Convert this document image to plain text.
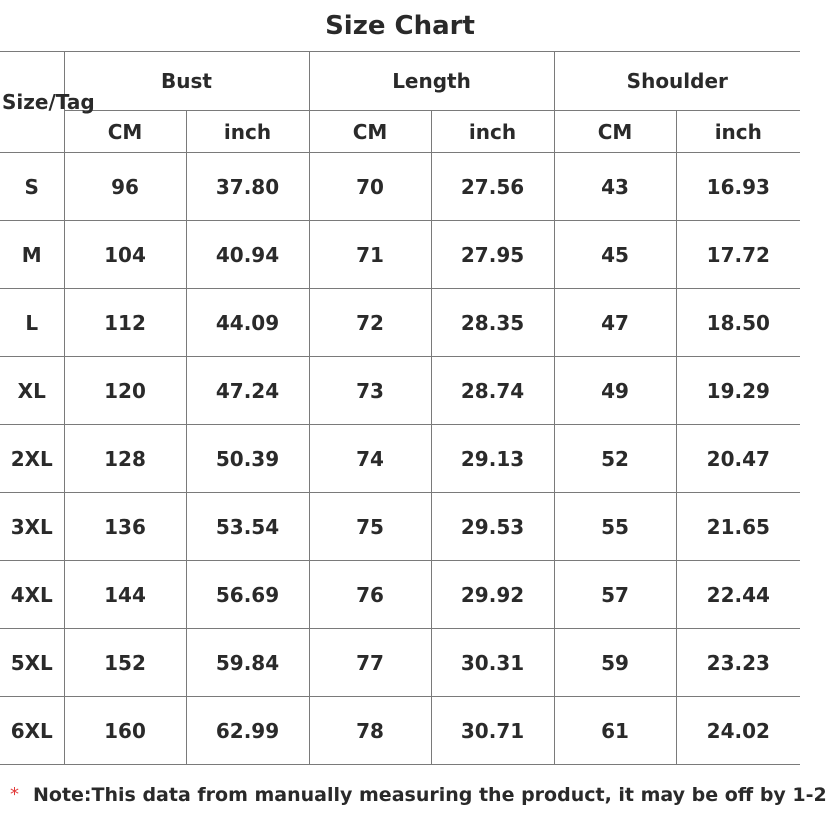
Size Chart
Size/Tag	Bust		Length		Shoulder	
	CM	inch	CM	inch	CM	inch
S	96	37.80	70	27.56	43	16.93
M	104	40.94	71	27.95	45	17.72
L	112	44.09	72	28.35	47	18.50
XL	120	47.24	73	28.74	49	19.29
2XL	128	50.39	74	29.13	52	20.47
3XL	136	53.54	75	29.53	55	21.65
4XL	144	56.69	76	29.92	57	22.44
5XL	152	59.84	77	30.31	59	23.23
6XL	160	62.99	78	30.71	61	24.02
* Note:This data from manually measuring the product, it may be off by 1-2
